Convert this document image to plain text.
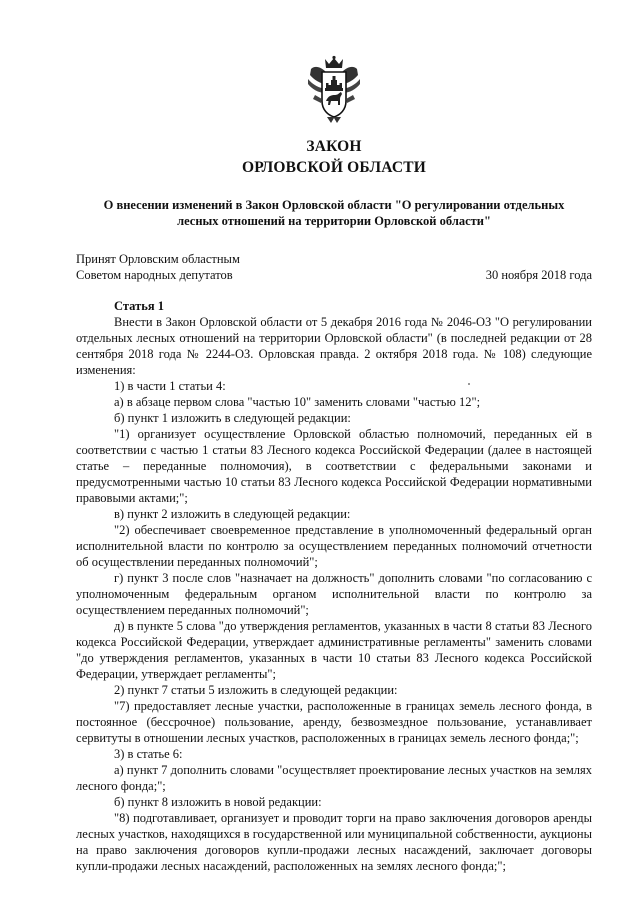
ЗАКОН
ОРЛОВСКОЙ ОБЛАСТИ
О внесении изменений в Закон Орловской области "О регулировании отдельных
лесных отношений на территории Орловской области"
Принят Орловским областным
Советом народных депутатов	30 ноября 2018 года
Статья 1

Внести в Закон Орловской области от 5 декабря 2016 года № 2046-ОЗ "О регулировании отдельных лесных отношений на территории Орловской области" (в последней редакции от 28 сентября 2018 года № 2244-ОЗ. Орловская правда. 2 октября 2018 года. № 108) следующие изменения:

1) в части 1 статьи 4:

а) в абзаце первом слова "частью 10" заменить словами "частью 12";

б) пункт 1 изложить в следующей редакции:

"1) организует осуществление Орловской областью полномочий, переданных ей в соответствии с частью 1 статьи 83 Лесного кодекса Российской Федерации (далее в настоящей статье – переданные полномочия), в соответствии с федеральными законами и предусмотренными частью 10 статьи 83 Лесного кодекса Российской Федерации нормативными правовыми актами;";

в) пункт 2 изложить в следующей редакции:

"2) обеспечивает своевременное представление в уполномоченный федеральный орган исполнительной власти по контролю за осуществлением переданных полномочий отчетности об осуществлении переданных полномочий";

г) пункт 3 после слов "назначает на должность" дополнить словами "по согласованию с уполномоченным федеральным органом исполнительной власти по контролю за осуществлением переданных полномочий";

д) в пункте 5 слова "до утверждения регламентов, указанных в части 8 статьи 83 Лесного кодекса Российской Федерации, утверждает административные регламенты" заменить словами "до утверждения регламентов, указанных в части 10 статьи 83 Лесного кодекса Российской Федерации, утверждает регламенты";

2) пункт 7 статьи 5 изложить в следующей редакции:

"7) предоставляет лесные участки, расположенные в границах земель лесного фонда, в постоянное (бессрочное) пользование, аренду, безвозмездное пользование, устанавливает сервитуты в отношении лесных участков, расположенных в границах земель лесного фонда;";

3) в статье 6:

а) пункт 7 дополнить словами "осуществляет проектирование лесных участков на землях лесного фонда;";

б) пункт 8 изложить в новой редакции:

"8) подготавливает, организует и проводит торги на право заключения договоров аренды лесных участков, находящихся в государственной или муниципальной собственности, аукционы на право заключения договоров купли-продажи лесных насаждений, заключает договоры купли-продажи лесных насаждений, расположенных на землях лесного фонда;";
